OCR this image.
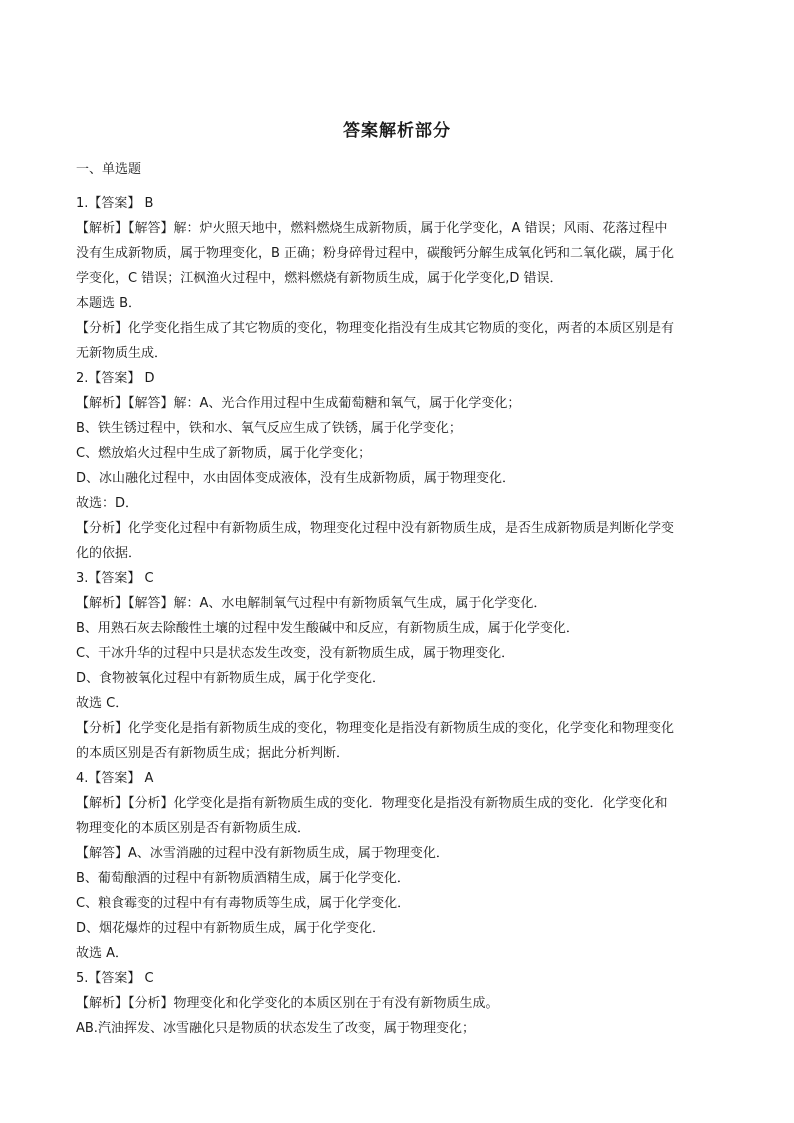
答案解析部分
一、单选题
1.【答案】 B
【解析】【解答】解：炉火照天地中，燃料燃烧生成新物质，属于化学变化，A 错误；风雨、花落过程中
没有生成新物质，属于物理变化，B 正确；粉身碎骨过程中，碳酸钙分解生成氧化钙和二氧化碳，属于化
学变化，C 错误；江枫渔火过程中，燃料燃烧有新物质生成，属于化学变化,D 错误．
本题选 B．
【分析】化学变化指生成了其它物质的变化，物理变化指没有生成其它物质的变化，两者的本质区别是有
无新物质生成．
2.【答案】 D
【解析】【解答】解：A、光合作用过程中生成葡萄糖和氧气，属于化学变化；
B、铁生锈过程中，铁和水、氧气反应生成了铁锈，属于化学变化；
C、燃放焰火过程中生成了新物质，属于化学变化；
D、冰山融化过程中，水由固体变成液体，没有生成新物质，属于物理变化．
故选：D．
【分析】化学变化过程中有新物质生成，物理变化过程中没有新物质生成，是否生成新物质是判断化学变
化的依据．
3.【答案】 C
【解析】【解答】解：A、水电解制氧气过程中有新物质氧气生成，属于化学变化．
B、用熟石灰去除酸性土壤的过程中发生酸碱中和反应，有新物质生成，属于化学变化．
C、干冰升华的过程中只是状态发生改变，没有新物质生成，属于物理变化．
D、食物被氧化过程中有新物质生成，属于化学变化．
故选 C．
【分析】化学变化是指有新物质生成的变化，物理变化是指没有新物质生成的变化，化学变化和物理变化
的本质区别是否有新物质生成；据此分析判断．
4.【答案】 A
【解析】【分析】化学变化是指有新物质生成的变化．物理变化是指没有新物质生成的变化．化学变化和
物理变化的本质区别是否有新物质生成．
【解答】A、冰雪消融的过程中没有新物质生成，属于物理变化．
B、葡萄酿酒的过程中有新物质酒精生成，属于化学变化．
C、粮食霉变的过程中有有毒物质等生成，属于化学变化．
D、烟花爆炸的过程中有新物质生成，属于化学变化．
故选 A．
5.【答案】 C
【解析】【分析】物理变化和化学变化的本质区别在于有没有新物质生成。
AB.汽油挥发、冰雪融化只是物质的状态发生了改变，属于物理变化；
